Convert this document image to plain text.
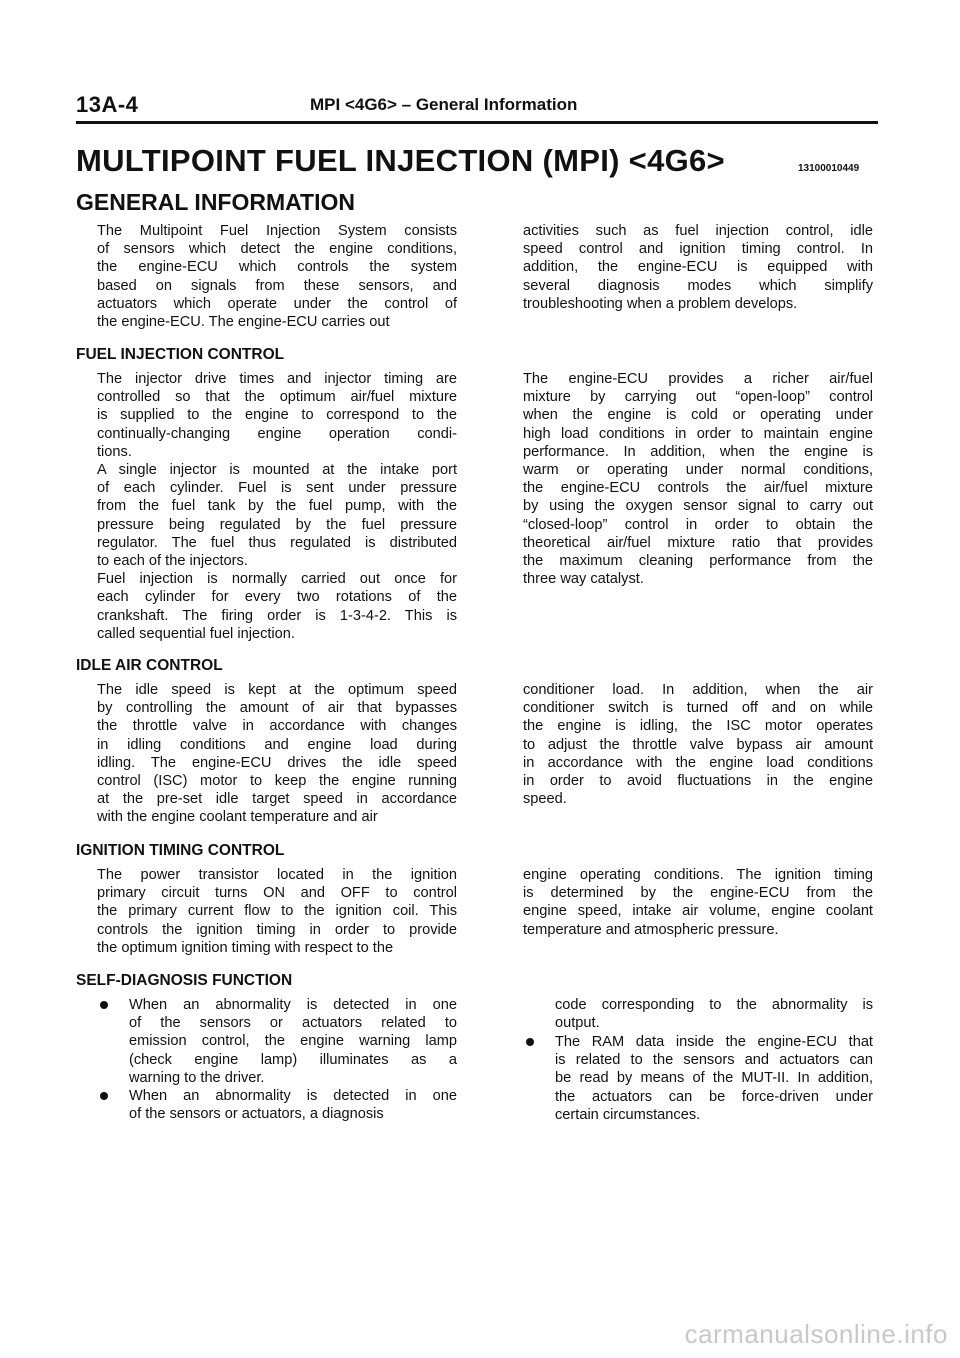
13A-4	MPI <4G6> – General Information
MULTIPOINT FUEL INJECTION (MPI) <4G6>	13100010449
GENERAL INFORMATION
The Multipoint Fuel Injection System consists
of sensors which detect the engine conditions,
the engine-ECU which controls the system
based on signals from these sensors, and
actuators which operate under the control of
the engine-ECU. The engine-ECU carries out
activities such as fuel injection control, idle
speed control and ignition timing control. In
addition, the engine-ECU is equipped with
several diagnosis modes which simplify
troubleshooting when a problem develops.
FUEL INJECTION CONTROL
The injector drive times and injector timing are
controlled so that the optimum air/fuel mixture
is supplied to the engine to correspond to the
continually-changing engine operation condi-
tions.
A single injector is mounted at the intake port
of each cylinder. Fuel is sent under pressure
from the fuel tank by the fuel pump, with the
pressure being regulated by the fuel pressure
regulator. The fuel thus regulated is distributed
to each of the injectors.
Fuel injection is normally carried out once for
each cylinder for every two rotations of the
crankshaft. The firing order is 1-3-4-2. This is
called sequential fuel injection.
The engine-ECU provides a richer air/fuel
mixture by carrying out “open-loop” control
when the engine is cold or operating under
high load conditions in order to maintain engine
performance. In addition, when the engine is
warm or operating under normal conditions,
the engine-ECU controls the air/fuel mixture
by using the oxygen sensor signal to carry out
“closed-loop” control in order to obtain the
theoretical air/fuel mixture ratio that provides
the maximum cleaning performance from the
three way catalyst.
IDLE AIR CONTROL
The idle speed is kept at the optimum speed
by controlling the amount of air that bypasses
the throttle valve in accordance with changes
in idling conditions and engine load during
idling. The engine-ECU drives the idle speed
control (ISC) motor to keep the engine running
at the pre-set idle target speed in accordance
with the engine coolant temperature and air
conditioner load. In addition, when the air
conditioner switch is turned off and on while
the engine is idling, the ISC motor operates
to adjust the throttle valve bypass air amount
in accordance with the engine load conditions
in order to avoid fluctuations in the engine
speed.
IGNITION TIMING CONTROL
The power transistor located in the ignition
primary circuit turns ON and OFF to control
the primary current flow to the ignition coil. This
controls the ignition timing in order to provide
the optimum ignition timing with respect to the
engine operating conditions. The ignition timing
is determined by the engine-ECU from the
engine speed, intake air volume, engine coolant
temperature and atmospheric pressure.
SELF-DIAGNOSIS FUNCTION
When an abnormality is detected in one
of the sensors or actuators related to
emission control, the engine warning lamp
(check engine lamp) illuminates as a
warning to the driver.
When an abnormality is detected in one
of the sensors or actuators, a diagnosis
code corresponding to the abnormality is
output.
The RAM data inside the engine-ECU that
is related to the sensors and actuators can
be read by means of the MUT-II. In addition,
the actuators can be force-driven under
certain circumstances.
carmanualsonline.info
